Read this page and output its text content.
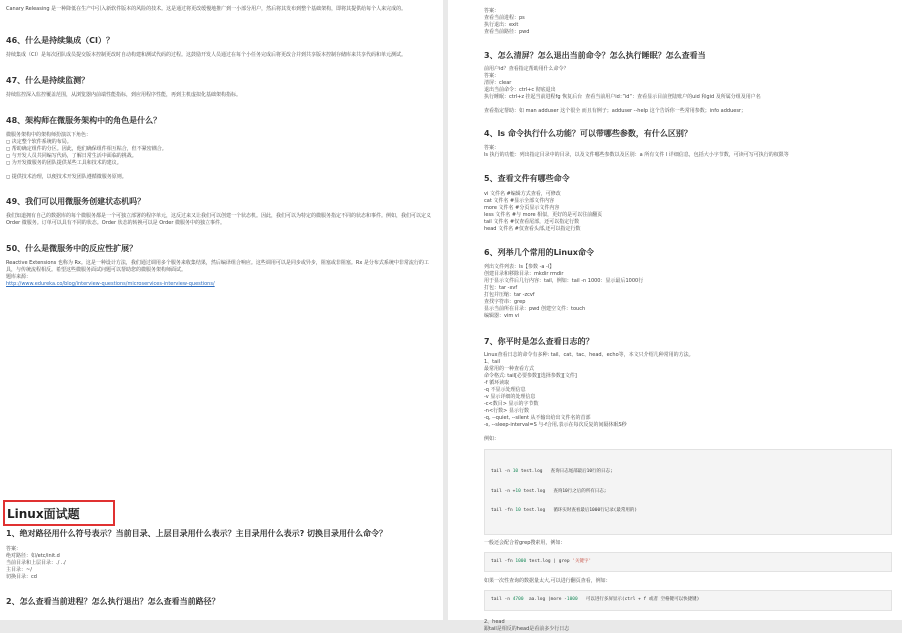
Canary Releasing 是一种降低在生产中引入新软件版本的风险的技术。这是通过将更改缓慢地推广到一小部分用户，然后将其发布到整个基础架构，即将其提供给每个人来完成的。

46、什么是持续集成（CI）？

持续集成（CI）是每次团队成员提交版本控制更改时自动构建和测试代码的过程。这鼓励开发人员通过在每个小任务完成后将更改合并到共享版本控制存储库来共享代码和单元测试。

47、什么是持续监测？

持续监控深入监控覆盖范围，从浏览器内前端性能指标，到应用程序性能，再到主机虚拟化基础架构指标。

48、架构师在微服务架构中的角色是什么？

微服务架构中的架构师扮演以下角色：
◻ 决定整个软件系统的布局。
◻ 帮助确定组件的分区。因此，他们确保组件相互粘合，但不紧密耦合。
◻ 与开发人员共同编写代码，了解日常生活中面临的挑战。
◻ 为开发微服务的团队提供某些工具和技术的建议。

◻ 提供技术治理，以便技术开发团队遵循微服务原则。

49、我们可以用微服务创建状态机吗？

我们知道拥有自己的数据库的每个微服务都是一个可独立部署的程序单元，这反过来又让我们可以创建一个状态机。因此，我们可以为特定的微服务指定不同的状态和事件。例如，我们可以定义 Order 微服务。订单可以具有不同的状态。Order 状态的转换可以是 Order 微服务中的独立事件。

50、什么是微服务中的反应性扩展？

Reactive Extensions 也称为 Rx。这是一种设计方法，我们通过调用多个服务来收集结果，然后编译组合响应。这些调用可以是同步或异步，阻塞或非阻塞。Rx 是分布式系统中非常流行的工具，与传统流程相反。希望这些微服务面试问题可以帮助您的微服务架构师面试。
题库来源：

http://www.edureka.co/blog/interview-questions/microservices-interview-questions/

1、绝对路径用什么符号表示？当前目录、上层目录用什么表示？主目录用什么表示? 切换目录用什么命令？

答案：
绝对路径：如/etc/init.d
当前目录和上层目录：./ ../
主目录：~/
切换目录：cd

2、怎么查看当前进程？怎么执行退出？怎么查看当前路径？

Linux面试题

答案：
查看当前进程：ps
执行退出：exit
查看当前路径：pwd

3、怎么清屏？怎么退出当前命令？怎么执行睡眠？怎么查看当

前用户id？查看指定帮助用什么命令？
答案：
清屏：clear
退出当前命令：ctrl+c 彻底退出
执行睡眠：ctrl+z 挂起当前进程fg 恢复后台  查看当前用户id：”id“：查看显示目前登陆账户的uid 和gid 及所属分组及用户名

查看指定帮助：如 man adduser 这个很全 而且有例子；adduser --help 这个告诉你一些常用参数；info adduesr；

4、ls 命令执行什么功能？可以带哪些参数，有什么区别？

答案：
ls 执行的功能：列出指定目录中的目录，以及文件哪些参数以及区别：a 所有文件 l 详细信息，包括大小字节数，可读可写可执行的权限等

5、查看文件有哪些命令

vi 文件名 #编辑方式查看，可修改
cat 文件名 #显示全部文件内容
more 文件名 #分页显示文件内容
less 文件名 #与 more 相似，更好的是可以往前翻页
tail 文件名 #仅查看尾部，还可以指定行数
head 文件名 #仅查看头部,还可以指定行数

6、列举几个常用的Linux命令

列出文件列表：ls【参数 -a -l】
创建目录和移除目录：mkdir rmdir
用于显示文件后几行内容：tail，例如：tail -n 1000：显示最后1000行
打包：tar -xvf
打包并压缩：tar -zcvf
查找字符串：grep
显示当前所在目录：pwd 创建空文件：touch
编辑器：vim vi

7、你平时是怎么查看日志的？

Linux查看日志的命令有多种: tail、cat、tac、head、echo等，本文只介绍几种常用的方法。
1、tail
最常用的一种查看方式
命令格式: tail[必要参数][选择参数][文件]
-f 循环读取
-q 不显示处理信息
-v 显示详细的处理信息
-c<数目> 显示的字节数
-n<行数> 显示行数
-q, --quiet, --silent 从不输出给出文件名的首部
-s, --sleep-interval=S 与-f合用,表示在每次反复的间隔休眠S秒

例如：

tail -n 10 test.log   查询日志尾部最后10行的日志;

tail -n +10 test.log   查询10行之后的所有日志;

tail -fn 10 test.log   循环实时查看最后1000行记录(最常用的)

一般还会配合着grep搜索用，例如：

tail -fn 1000 test.log | grep '关键字'

如果一次性查询的数据量太大,可以进行翻页查看，例如：

tail -n 4700  aa.log |more -1000   可以进行多屏显示(ctrl + f 或者 空格键可以快捷键)

2、head

跟tail是相反的head是看前多少行日志
